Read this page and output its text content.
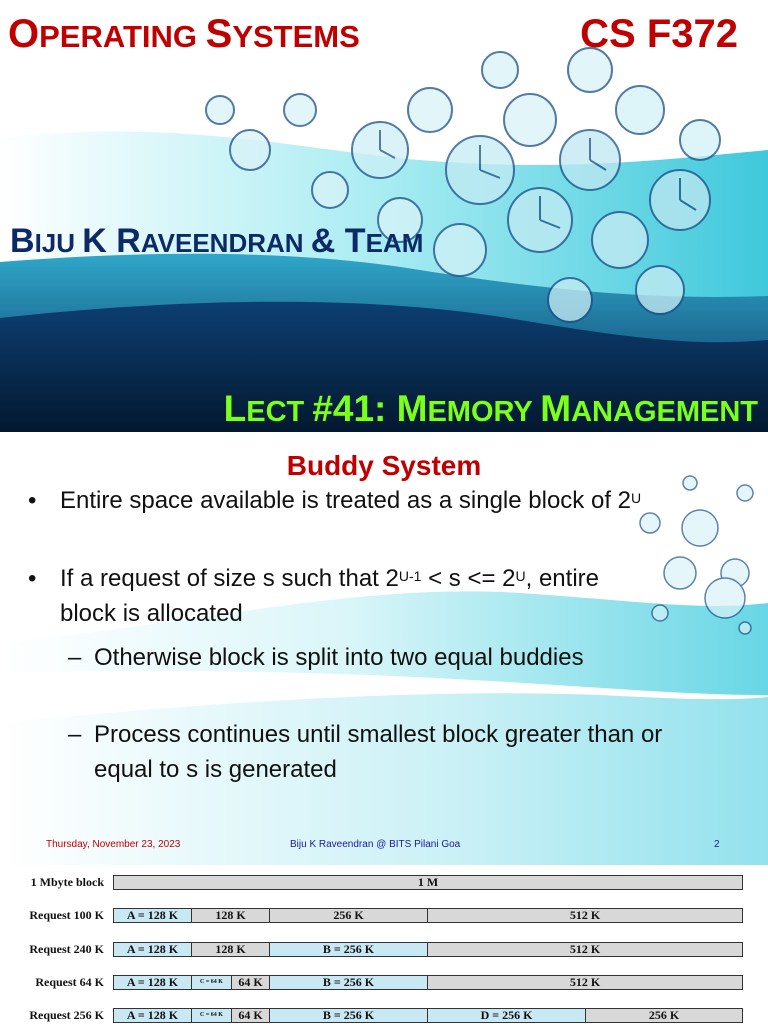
OPERATING SYSTEMS	CS F372
BIJU K RAVEENDRAN & TEAM
LECT #41: MEMORY MANAGEMENT
Buddy System
• Entire space available is treated as a single block of $2^U$
• If a request of size s such that $2^{U-1} < s <= 2^U$, entire block is allocated
– Otherwise block is split into two equal buddies
– Process continues until smallest block greater than or equal to s is generated
Thursday, November 23, 2023	Biju K Raveendran @ BITS Pilani Goa	2
1 Mbyte block	1 M
Request 100 K	A = 128 K	128 K	256 K	512 K
Request 240 K	A = 128 K	128 K	B = 256 K	512 K
Request 64 K	A = 128 K	C = 64 K	64 K	B = 256 K	512 K
Request 256 K	A = 128 K	C = 64 K	64 K	B = 256 K	D = 256 K	256 K
